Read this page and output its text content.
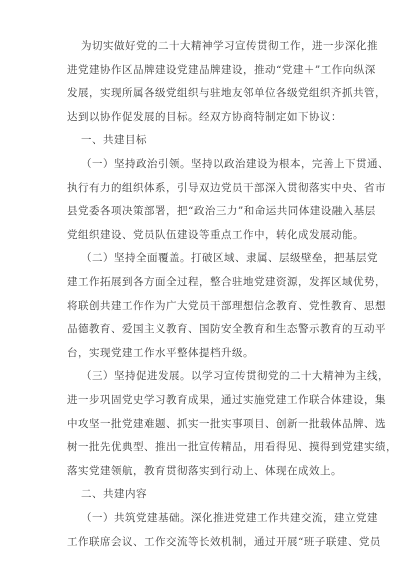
为切实做好党的二十大精神学习宣传贯彻工作，进一步深化推
进党建协作区品牌建设党建品牌建设，推动“党建＋”工作向纵深
发展，实现所属各级党组织与驻地友邻单位各级党组织齐抓共管，
达到以协作促发展的目标。经双方协商特制定如下协议：
一、共建目标
（一）坚持政治引领。坚持以政治建设为根本，完善上下贯通、
执行有力的组织体系，引导双边党员干部深入贯彻落实中央、省市
县党委各项决策部署，把“政治三力”和命运共同体建设融入基层
党组织建设、党员队伍建设等重点工作中，转化成发展动能。
（二）坚持全面覆盖。打破区域、隶属、层级壁垒，把基层党
建工作拓展到各方面全过程，整合驻地党建资源，发挥区域优势，
将联创共建工作作为广大党员干部理想信念教育、党性教育、思想
品德教育、爱国主义教育、国防安全教育和生态警示教育的互动平
台，实现党建工作水平整体提档升级。
（三）坚持促进发展。以学习宣传贯彻党的二十大精神为主线，
进一步巩固党史学习教育成果，通过实施党建工作联合体建设，集
中攻坚一批党建难题、抓实一批实事项目、创新一批载体品牌、选
树一批先优典型、推出一批宣传精品，用看得见、摸得到党建实绩，
落实党建领航，教育贯彻落实到行动上、体现在成效上。
二、共建内容
（一）共筑党建基础。深化推进党建工作共建交流，建立党建
工作联席会议、工作交流等长效机制，通过开展“班子联建、党员
